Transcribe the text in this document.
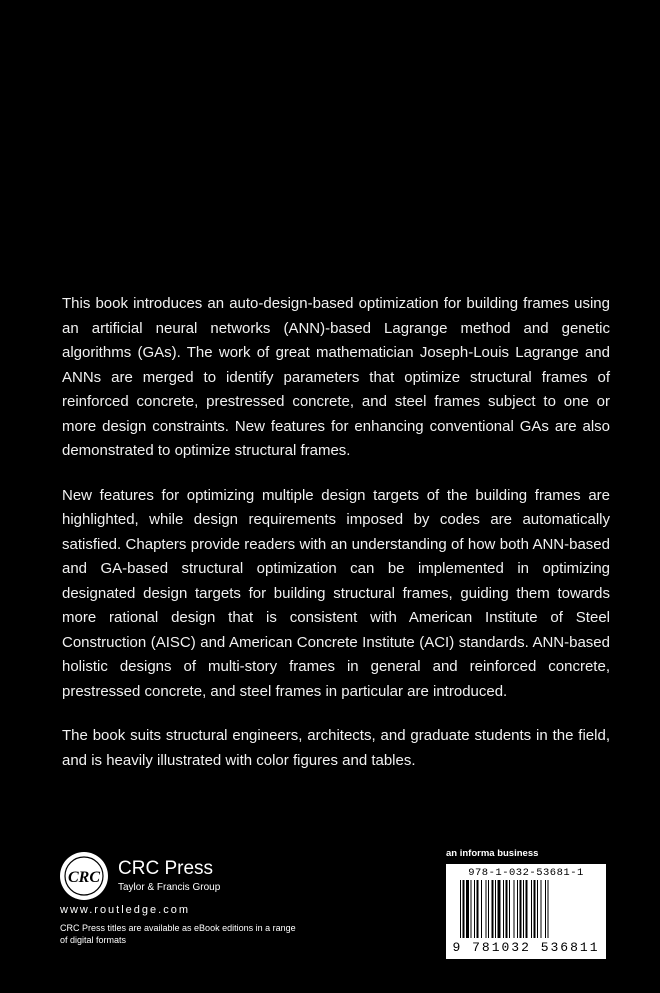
This book introduces an auto-design-based optimization for building frames using an artificial neural networks (ANN)-based Lagrange method and genetic algorithms (GAs). The work of great mathematician Joseph-Louis Lagrange and ANNs are merged to identify parameters that optimize structural frames of reinforced concrete, prestressed concrete, and steel frames subject to one or more design constraints. New features for enhancing conventional GAs are also demonstrated to optimize structural frames.

New features for optimizing multiple design targets of the building frames are highlighted, while design requirements imposed by codes are automatically satisfied. Chapters provide readers with an understanding of how both ANN-based and GA-based structural optimization can be implemented in optimizing designated design targets for building structural frames, guiding them towards more rational design that is consistent with American Institute of Steel Construction (AISC) and American Concrete Institute (ACI) standards. ANN-based holistic designs of multi-story frames in general and reinforced concrete, prestressed concrete, and steel frames in particular are introduced.

The book suits structural engineers, architects, and graduate students in the field, and is heavily illustrated with color figures and tables.

CRC CRC Press
Taylor & Francis Group
www.routledge.com
CRC Press titles are available as eBook editions in a range of digital formats
an informa business
978-1-032-53681-1
9 781032 536811
